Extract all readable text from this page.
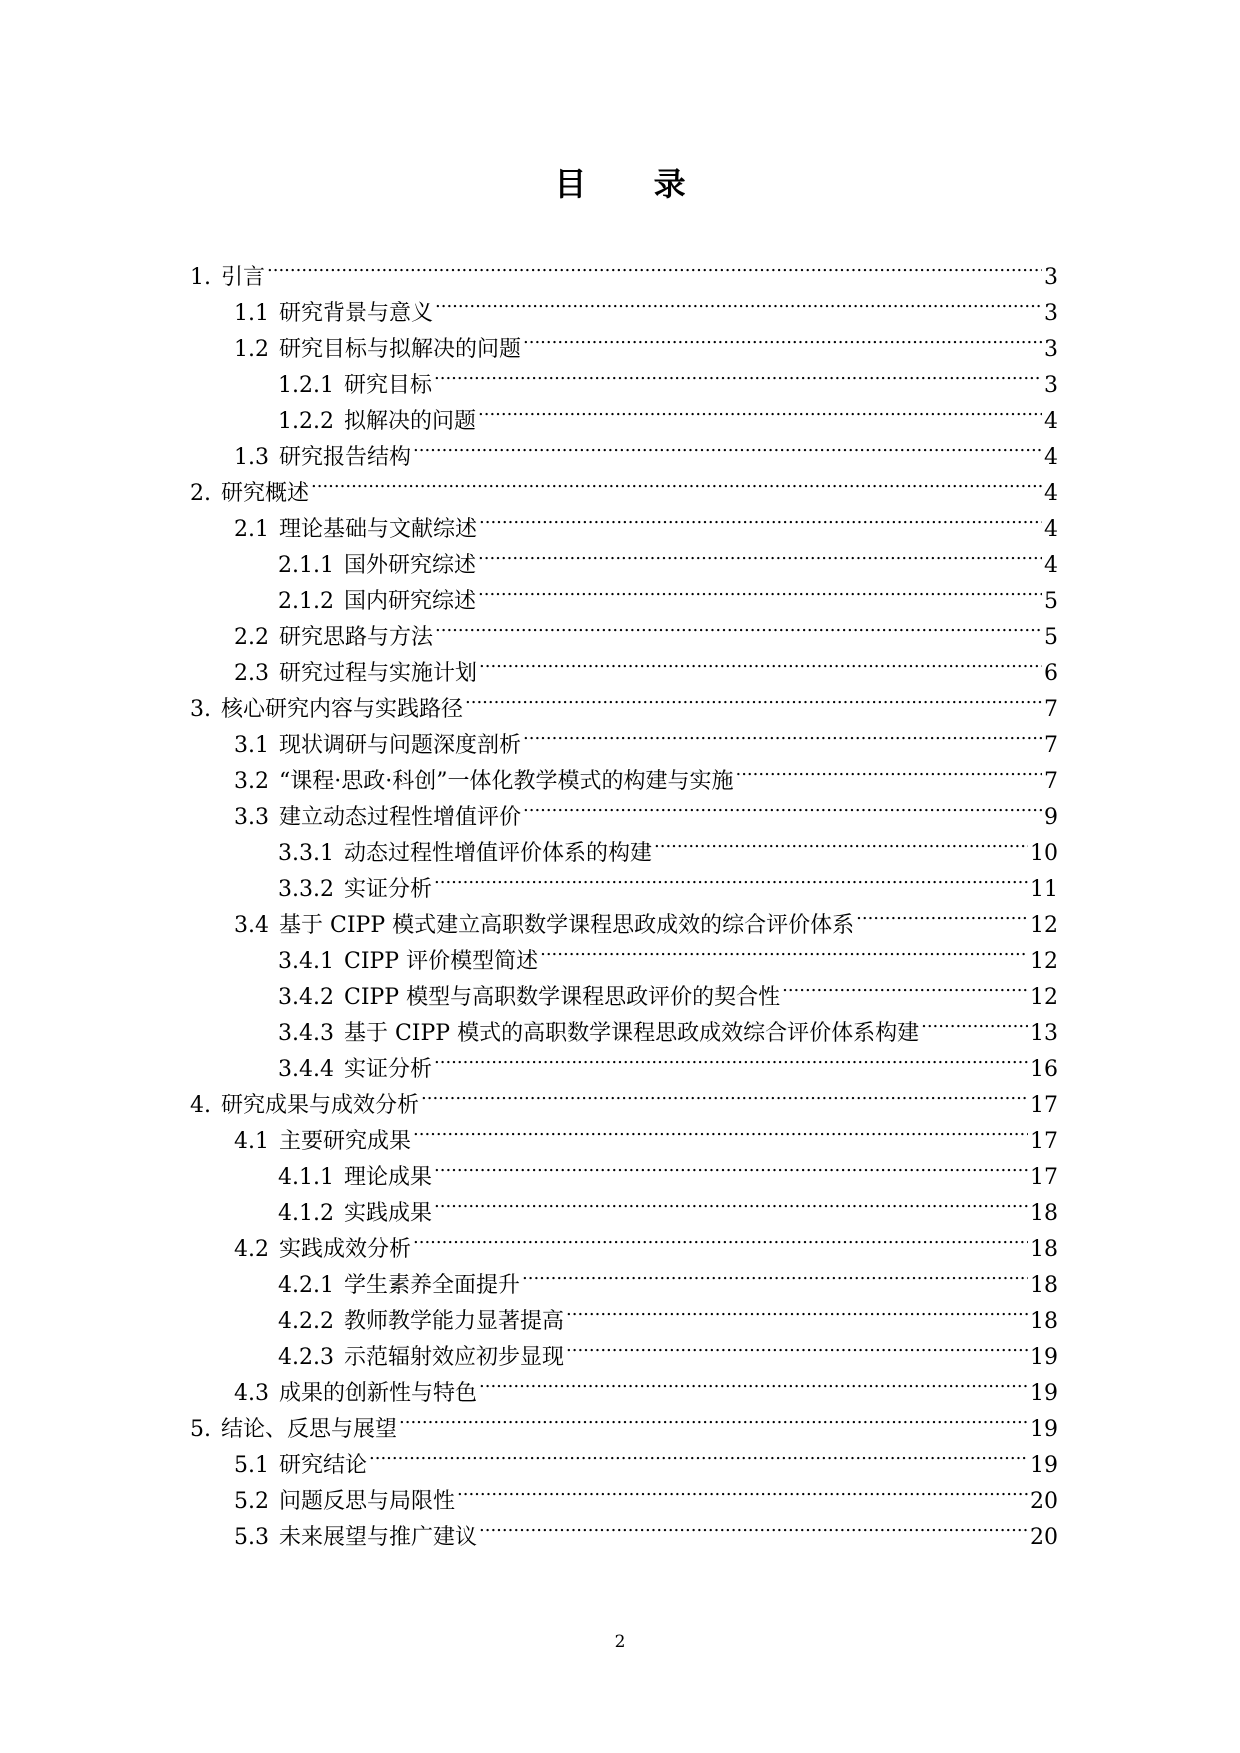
目 录
1. 引言 .....	3
1.1 研究背景与意义 .....	3
1.2 研究目标与拟解决的问题 .....	3
1.2.1 研究目标 .....	3
1.2.2 拟解决的问题 .....	4
1.3 研究报告结构 .....	4
2. 研究概述 .....	4
2.1 理论基础与文献综述 .....	4
2.1.1 国外研究综述 .....	4
2.1.2 国内研究综述 .....	5
2.2 研究思路与方法 .....	5
2.3 研究过程与实施计划 .....	6
3. 核心研究内容与实践路径 .....	7
3.1 现状调研与问题深度剖析 .....	7
3.2 “课程·思政·科创”一体化教学模式的构建与实施 .....	7
3.3 建立动态过程性增值评价 .....	9
3.3.1 动态过程性增值评价体系的构建 .....	10
3.3.2 实证分析 .....	11
3.4 基于 CIPP 模式建立高职数学课程思政成效的综合评价体系 .....	12
3.4.1 CIPP 评价模型简述 .....	12
3.4.2 CIPP 模型与高职数学课程思政评价的契合性 .....	12
3.4.3 基于 CIPP 模式的高职数学课程思政成效综合评价体系构建 .....	13
3.4.4 实证分析 .....	16
4. 研究成果与成效分析 .....	17
4.1 主要研究成果 .....	17
4.1.1 理论成果 .....	17
4.1.2 实践成果 .....	18
4.2 实践成效分析 .....	18
4.2.1 学生素养全面提升 .....	18
4.2.2 教师教学能力显著提高 .....	18
4.2.3 示范辐射效应初步显现 .....	19
4.3 成果的创新性与特色 .....	19
5. 结论、反思与展望 .....	19
5.1 研究结论 .....	19
5.2 问题反思与局限性 .....	20
5.3 未来展望与推广建议 .....	20
2
